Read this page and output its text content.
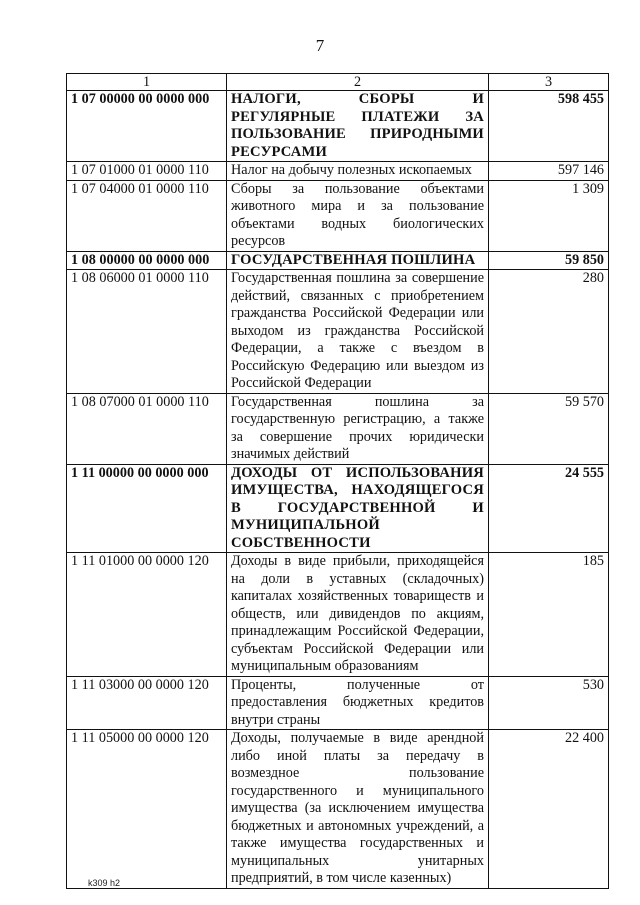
7
1	2	3
1 07 00000 00 0000 000	НАЛОГИ, СБОРЫ И РЕГУЛЯРНЫЕ ПЛАТЕЖИ ЗА ПОЛЬЗОВАНИЕ ПРИРОДНЫМИ РЕСУРСАМИ	598 455
1 07 01000 01 0000 110	Налог на добычу полезных ископаемых	597 146
1 07 04000 01 0000 110	Сборы за пользование объектами животного мира и за пользование объектами водных биологических ресурсов	1 309
1 08 00000 00 0000 000	ГОСУДАРСТВЕННАЯ ПОШЛИНА	59 850
1 08 06000 01 0000 110	Государственная пошлина за совершение действий, связанных с приобретением гражданства Российской Федерации или выходом из гражданства Российской Федерации, а также с въездом в Российскую Федерацию или выездом из Российской Федерации	280
1 08 07000 01 0000 110	Государственная пошлина за государственную регистрацию, а также за совершение прочих юридически значимых действий	59 570
1 11 00000 00 0000 000	ДОХОДЫ ОТ ИСПОЛЬЗОВАНИЯ ИМУЩЕСТВА, НАХОДЯЩЕГОСЯ В ГОСУДАРСТВЕННОЙ И МУНИЦИПАЛЬНОЙ СОБСТВЕННОСТИ	24 555
1 11 01000 00 0000 120	Доходы в виде прибыли, приходящейся на доли в уставных (складочных) капиталах хозяйственных товариществ и обществ, или дивидендов по акциям, принадлежащим Российской Федерации, субъектам Российской Федерации или муниципальным образованиям	185
1 11 03000 00 0000 120	Проценты, полученные от предоставления бюджетных кредитов внутри страны	530
1 11 05000 00 0000 120	Доходы, получаемые в виде арендной либо иной платы за передачу в возмездное пользование государственного и муниципального имущества (за исключением имущества бюджетных и автономных учреждений, а также имущества государственных и муниципальных унитарных предприятий, в том числе казенных)	22 400
k309 h2
